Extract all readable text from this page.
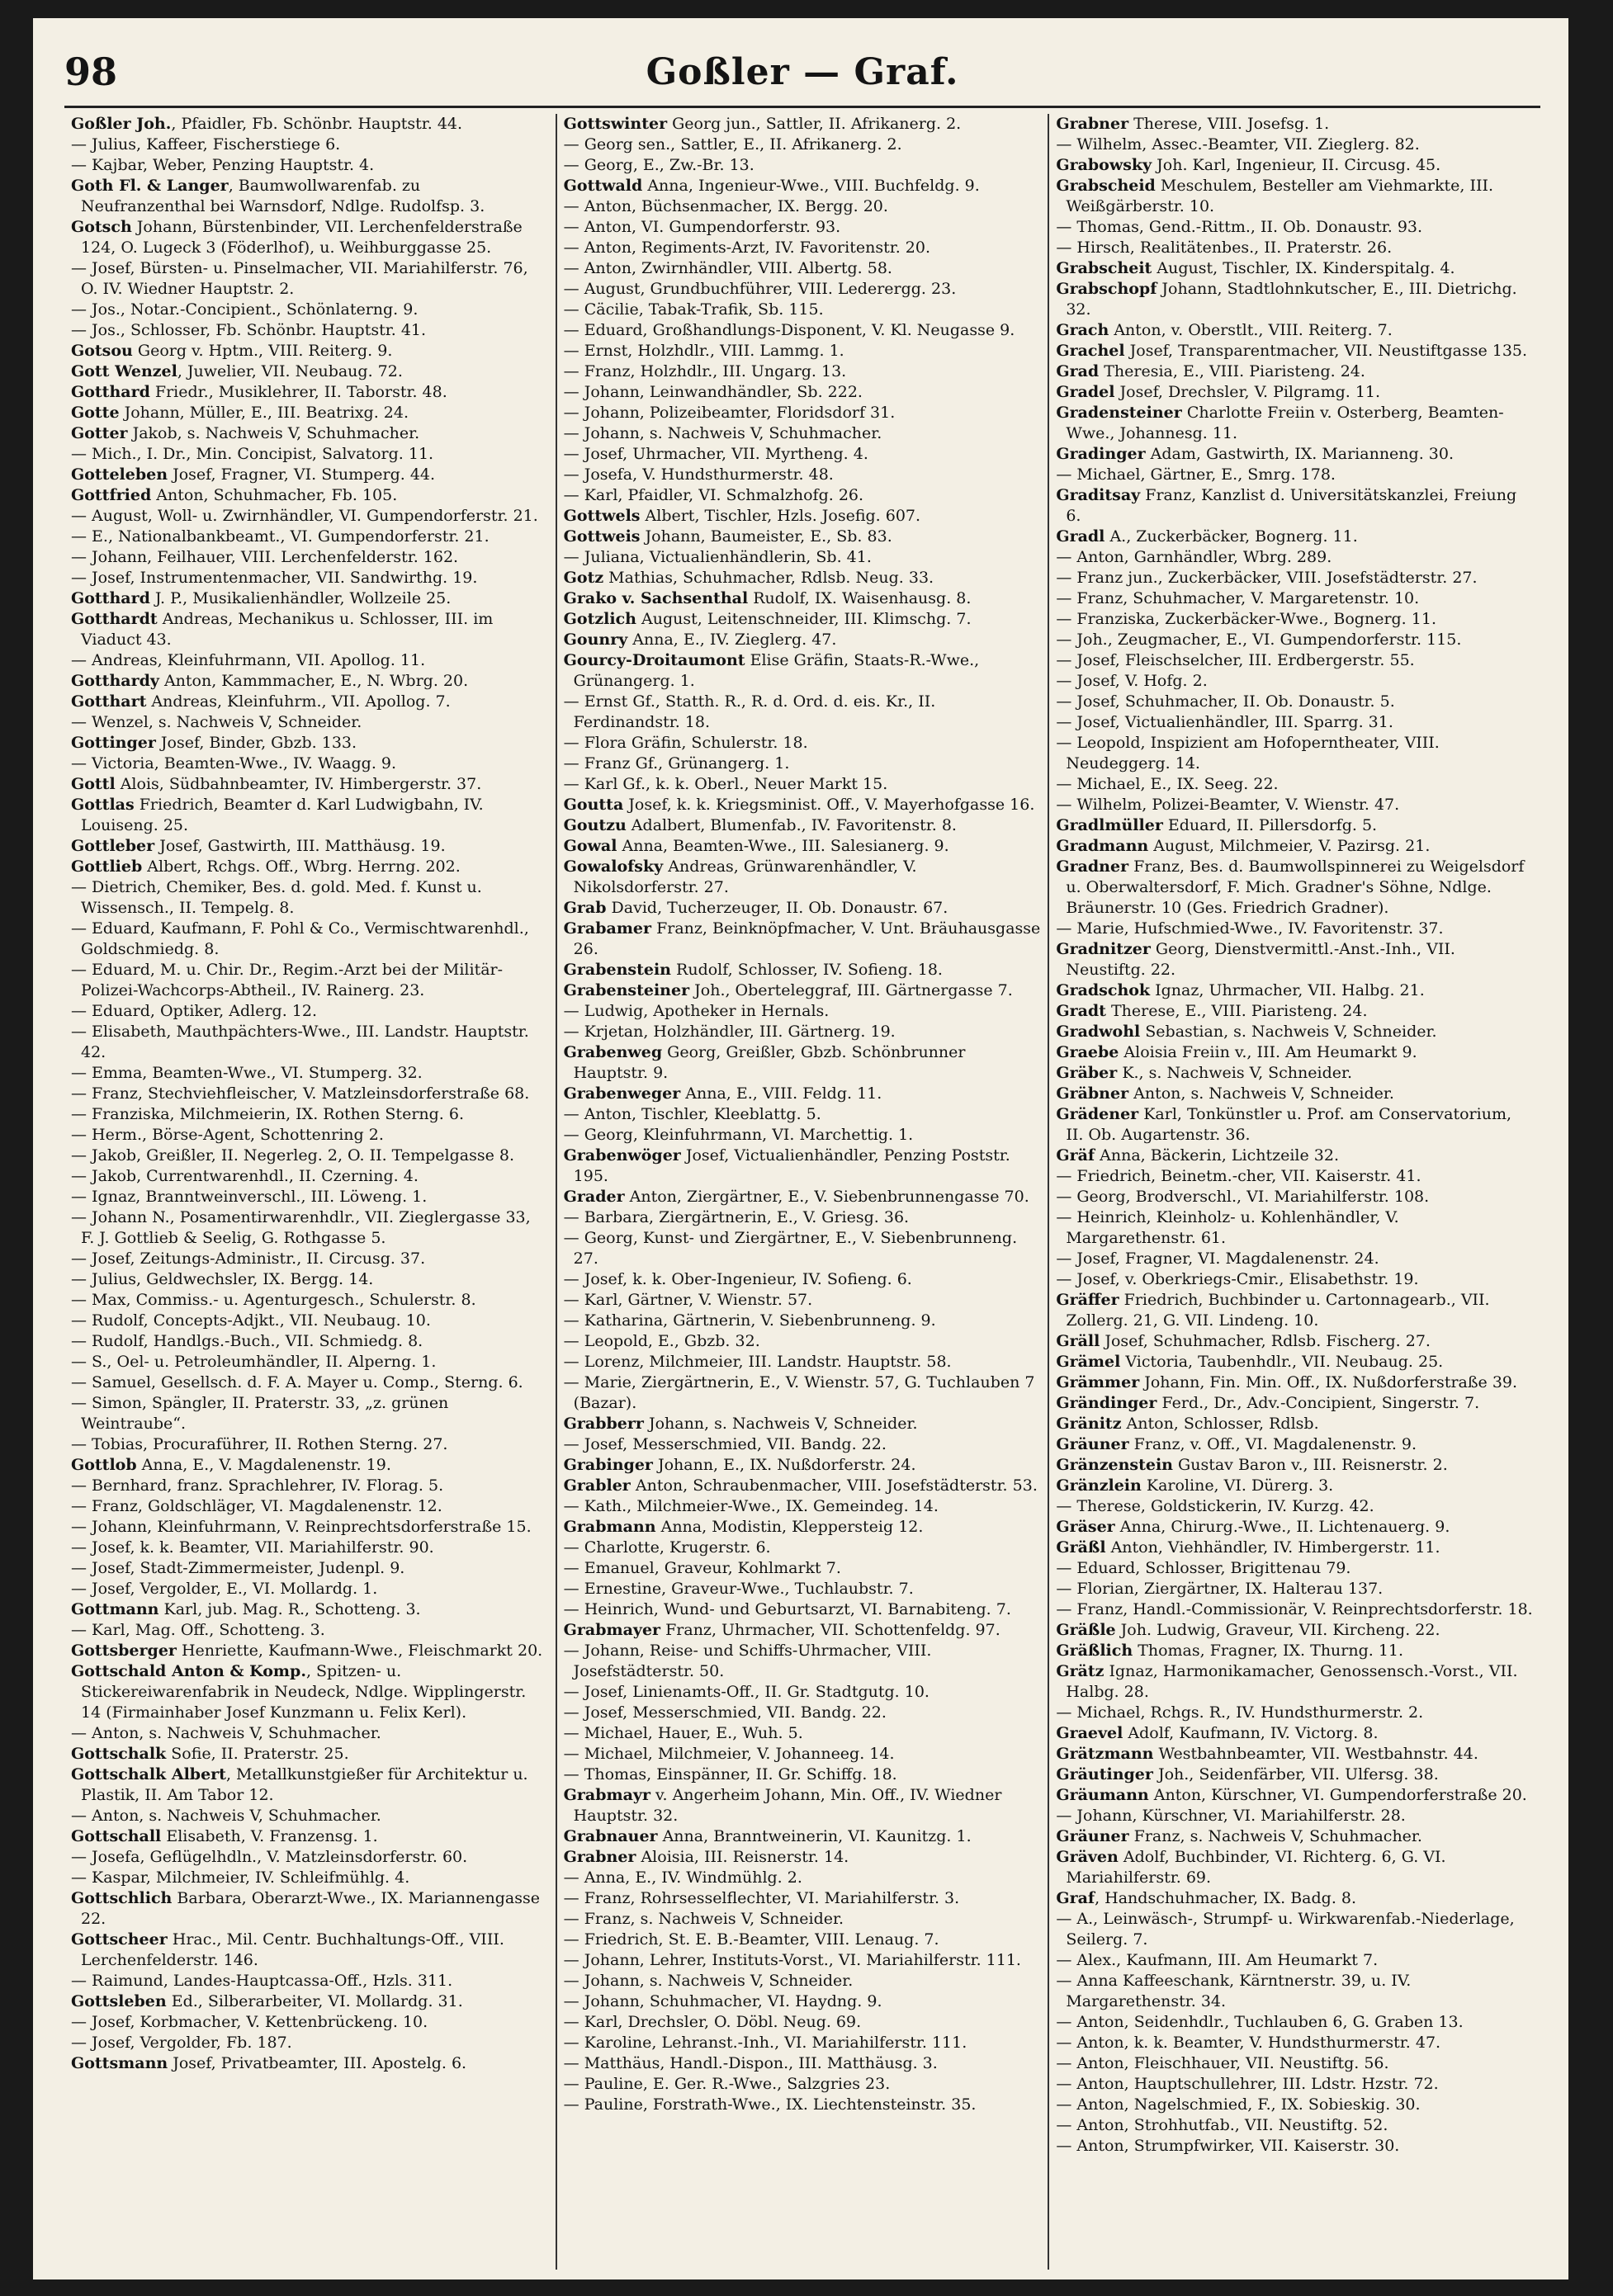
98	Goßler — Graf.
Goßler Joh., Pfaidler, Fb. Schönbr. Hauptstr. 44.
— Julius, Kaffeer, Fischerstiege 6.
— Kajbar, Weber, Penzing Hauptstr. 4.
Goth Fl. & Langer, Baumwollwarenfab. zu Neufranzenthal bei Warnsdorf, Ndlge. Rudolfsp. 3.
Gotsch Johann, Bürstenbinder, VII. Lerchenfelderstraße 124, O. Lugeck 3 (Föderlhof), u. Weihburggasse 25.
— Josef, Bürsten- u. Pinselmacher, VII. Mariahilferstr. 76, O. IV. Wiedner Hauptstr. 2.
— Jos., Notar.-Concipient., Schönlaterng. 9.
— Jos., Schlosser, Fb. Schönbr. Hauptstr. 41.
Gotsou Georg v. Hptm., VIII. Reiterg. 9.
Gott Wenzel, Juwelier, VII. Neubaug. 72.
Gotthard Friedr., Musiklehrer, II. Taborstr. 48.
Gotte Johann, Müller, E., III. Beatrixg. 24.
Gotter Jakob, s. Nachweis V, Schuhmacher.
— Mich., I. Dr., Min. Concipist, Salvatorg. 11.
Gotteleben Josef, Fragner, VI. Stumperg. 44.
Gottfried Anton, Schuhmacher, Fb. 105.
— August, Woll- u. Zwirnhändler, VI. Gumpendorferstr. 21.
— E., Nationalbankbeamt., VI. Gumpendorferstr. 21.
— Johann, Feilhauer, VIII. Lerchenfelderstr. 162.
— Josef, Instrumentenmacher, VII. Sandwirthg. 19.
Gotthard J. P., Musikalienhändler, Wollzeile 25.
Gotthardt Andreas, Mechanikus u. Schlosser, III. im Viaduct 43.
— Andreas, Kleinfuhrmann, VII. Apollog. 11.
Gotthardy Anton, Kammmacher, E., N. Wbrg. 20.
Gotthart Andreas, Kleinfuhrm., VII. Apollog. 7.
— Wenzel, s. Nachweis V, Schneider.
Gottinger Josef, Binder, Gbzb. 133.
— Victoria, Beamten-Wwe., IV. Waagg. 9.
Gottl Alois, Südbahnbeamter, IV. Himbergerstr. 37.
Gottlas Friedrich, Beamter d. Karl Ludwigbahn, IV. Louiseng. 25.
Gottleber Josef, Gastwirth, III. Matthäusg. 19.
Gottlieb Albert, Rchgs. Off., Wbrg. Herrng. 202.
— Dietrich, Chemiker, Bes. d. gold. Med. f. Kunst u. Wissensch., II. Tempelg. 8.
— Eduard, Kaufmann, F. Pohl & Co., Vermischtwarenhdl., Goldschmiedg. 8.
— Eduard, M. u. Chir. Dr., Regim.-Arzt bei der Militär-Polizei-Wachcorps-Abtheil., IV. Rainerg. 23.
— Eduard, Optiker, Adlerg. 12.
— Elisabeth, Mauthpächters-Wwe., III. Landstr. Hauptstr. 42.
— Emma, Beamten-Wwe., VI. Stumperg. 32.
— Franz, Stechviehfleischer, V. Matzleinsdorferstraße 68.
— Franziska, Milchmeierin, IX. Rothen Sterng. 6.
— Herm., Börse-Agent, Schottenring 2.
— Jakob, Greißler, II. Negerleg. 2, O. II. Tempelgasse 8.
— Jakob, Currentwarenhdl., II. Czerning. 4.
— Ignaz, Branntweinverschl., III. Löweng. 1.
— Johann N., Posamentirwarenhdlr., VII. Zieglergasse 33, F. J. Gottlieb & Seelig, G. Rothgasse 5.
— Josef, Zeitungs-Administr., II. Circusg. 37.
— Julius, Geldwechsler, IX. Bergg. 14.
— Max, Commiss.- u. Agenturgesch., Schulerstr. 8.
— Rudolf, Concepts-Adjkt., VII. Neubaug. 10.
— Rudolf, Handlgs.-Buch., VII. Schmiedg. 8.
— S., Oel- u. Petroleumhändler, II. Alperng. 1.
— Samuel, Gesellsch. d. F. A. Mayer u. Comp., Sterng. 6.
— Simon, Spängler, II. Praterstr. 33, „z. grünen Weintraube“.
— Tobias, Procuraführer, II. Rothen Sterng. 27.
Gottlob Anna, E., V. Magdalenenstr. 19.
— Bernhard, franz. Sprachlehrer, IV. Florag. 5.
— Franz, Goldschläger, VI. Magdalenenstr. 12.
— Johann, Kleinfuhrmann, V. Reinprechtsdorferstraße 15.
— Josef, k. k. Beamter, VII. Mariahilferstr. 90.
— Josef, Stadt-Zimmermeister, Judenpl. 9.
— Josef, Vergolder, E., VI. Mollardg. 1.
Gottmann Karl, jub. Mag. R., Schotteng. 3.
— Karl, Mag. Off., Schotteng. 3.
Gottsberger Henriette, Kaufmann-Wwe., Fleischmarkt 20.
Gottschald Anton & Komp., Spitzen- u. Stickereiwarenfabrik in Neudeck, Ndlge. Wipplingerstr. 14 (Firmainhaber Josef Kunzmann u. Felix Kerl).
— Anton, s. Nachweis V, Schuhmacher.
Gottschalk Sofie, II. Praterstr. 25.
Gottschalk Albert, Metallkunstgießer für Architektur u. Plastik, II. Am Tabor 12.
— Anton, s. Nachweis V, Schuhmacher.
Gottschall Elisabeth, V. Franzensg. 1.
— Josefa, Geflügelhdln., V. Matzleinsdorferstr. 60.
— Kaspar, Milchmeier, IV. Schleifmühlg. 4.
Gottschlich Barbara, Oberarzt-Wwe., IX. Mariannengasse 22.
Gottscheer Hrac., Mil. Centr. Buchhaltungs-Off., VIII. Lerchenfelderstr. 146.
— Raimund, Landes-Hauptcassa-Off., Hzls. 311.
Gottsleben Ed., Silberarbeiter, VI. Mollardg. 31.
— Josef, Korbmacher, V. Kettenbrückeng. 10.
— Josef, Vergolder, Fb. 187.
Gottsmann Josef, Privatbeamter, III. Apostelg. 6.
Gottswinter Georg jun., Sattler, II. Afrikanerg. 2.
— Georg sen., Sattler, E., II. Afrikanerg. 2.
— Georg, E., Zw.-Br. 13.
Gottwald Anna, Ingenieur-Wwe., VIII. Buchfeldg. 9.
— Anton, Büchsenmacher, IX. Bergg. 20.
— Anton, VI. Gumpendorferstr. 93.
— Anton, Regiments-Arzt, IV. Favoritenstr. 20.
— Anton, Zwirnhändler, VIII. Albertg. 58.
— August, Grundbuchführer, VIII. Lederergg. 23.
— Cäcilie, Tabak-Trafik, Sb. 115.
— Eduard, Großhandlungs-Disponent, V. Kl. Neugasse 9.
— Ernst, Holzhdlr., VIII. Lammg. 1.
— Franz, Holzhdlr., III. Ungarg. 13.
— Johann, Leinwandhändler, Sb. 222.
— Johann, Polizeibeamter, Floridsdorf 31.
— Johann, s. Nachweis V, Schuhmacher.
— Josef, Uhrmacher, VII. Myrtheng. 4.
— Josefa, V. Hundsthurmerstr. 48.
— Karl, Pfaidler, VI. Schmalzhofg. 26.
Gottwels Albert, Tischler, Hzls. Josefig. 607.
Gottweis Johann, Baumeister, E., Sb. 83.
— Juliana, Victualienhändlerin, Sb. 41.
Gotz Mathias, Schuhmacher, Rdlsb. Neug. 33.
Grako v. Sachsenthal Rudolf, IX. Waisenhausg. 8.
Gotzlich August, Leitenschneider, III. Klimschg. 7.
Gounry Anna, E., IV. Zieglerg. 47.
Gourcy-Droitaumont Elise Gräfin, Staats-R.-Wwe., Grünangerg. 1.
— Ernst Gf., Statth. R., R. d. Ord. d. eis. Kr., II. Ferdinandstr. 18.
— Flora Gräfin, Schulerstr. 18.
— Franz Gf., Grünangerg. 1.
— Karl Gf., k. k. Oberl., Neuer Markt 15.
Goutta Josef, k. k. Kriegsminist. Off., V. Mayerhofgasse 16.
Goutzu Adalbert, Blumenfab., IV. Favoritenstr. 8.
Gowal Anna, Beamten-Wwe., III. Salesianerg. 9.
Gowalofsky Andreas, Grünwarenhändler, V. Nikolsdorferstr. 27.
Grab David, Tucherzeuger, II. Ob. Donaustr. 67.
Grabamer Franz, Beinknöpfmacher, V. Unt. Bräuhausgasse 26.
Grabenstein Rudolf, Schlosser, IV. Sofieng. 18.
Grabensteiner Joh., Oberteleggraf, III. Gärtnergasse 7.
— Ludwig, Apotheker in Hernals.
— Krjetan, Holzhändler, III. Gärtnerg. 19.
Grabenweg Georg, Greißler, Gbzb. Schönbrunner Hauptstr. 9.
Grabenweger Anna, E., VIII. Feldg. 11.
— Anton, Tischler, Kleeblattg. 5.
— Georg, Kleinfuhrmann, VI. Marchettig. 1.
Grabenwöger Josef, Victualienhändler, Penzing Poststr. 195.
Grader Anton, Ziergärtner, E., V. Siebenbrunnengasse 70.
— Barbara, Ziergärtnerin, E., V. Griesg. 36.
— Georg, Kunst- und Ziergärtner, E., V. Siebenbrunneng. 27.
— Josef, k. k. Ober-Ingenieur, IV. Sofieng. 6.
— Karl, Gärtner, V. Wienstr. 57.
— Katharina, Gärtnerin, V. Siebenbrunneng. 9.
— Leopold, E., Gbzb. 32.
— Lorenz, Milchmeier, III. Landstr. Hauptstr. 58.
— Marie, Ziergärtnerin, E., V. Wienstr. 57, G. Tuchlauben 7 (Bazar).
Grabberr Johann, s. Nachweis V, Schneider.
— Josef, Messerschmied, VII. Bandg. 22.
Grabinger Johann, E., IX. Nußdorferstr. 24.
Grabler Anton, Schraubenmacher, VIII. Josefstädterstr. 53.
— Kath., Milchmeier-Wwe., IX. Gemeindeg. 14.
Grabmann Anna, Modistin, Kleppersteig 12.
— Charlotte, Krugerstr. 6.
— Emanuel, Graveur, Kohlmarkt 7.
— Ernestine, Graveur-Wwe., Tuchlaubstr. 7.
— Heinrich, Wund- und Geburtsarzt, VI. Barnabiteng. 7.
Grabmayer Franz, Uhrmacher, VII. Schottenfeldg. 97.
— Johann, Reise- und Schiffs-Uhrmacher, VIII. Josefstädterstr. 50.
— Josef, Linienamts-Off., II. Gr. Stadtgutg. 10.
— Josef, Messerschmied, VII. Bandg. 22.
— Michael, Hauer, E., Wuh. 5.
— Michael, Milchmeier, V. Johanneeg. 14.
— Thomas, Einspänner, II. Gr. Schiffg. 18.
Grabmayr v. Angerheim Johann, Min. Off., IV. Wiedner Hauptstr. 32.
Grabnauer Anna, Branntweinerin, VI. Kaunitzg. 1.
Grabner Aloisia, III. Reisnerstr. 14.
— Anna, E., IV. Windmühlg. 2.
— Franz, Rohrsesselflechter, VI. Mariahilferstr. 3.
— Franz, s. Nachweis V, Schneider.
— Friedrich, St. E. B.-Beamter, VIII. Lenaug. 7.
— Johann, Lehrer, Instituts-Vorst., VI. Mariahilferstr. 111.
— Johann, s. Nachweis V, Schneider.
— Johann, Schuhmacher, VI. Haydng. 9.
— Karl, Drechsler, O. Döbl. Neug. 69.
— Karoline, Lehranst.-Inh., VI. Mariahilferstr. 111.
— Matthäus, Handl.-Dispon., III. Matthäusg. 3.
— Pauline, E. Ger. R.-Wwe., Salzgries 23.
— Pauline, Forstrath-Wwe., IX. Liechtensteinstr. 35.
Grabner Therese, VIII. Josefsg. 1.
— Wilhelm, Assec.-Beamter, VII. Zieglerg. 82.
Grabowsky Joh. Karl, Ingenieur, II. Circusg. 45.
Grabscheid Meschulem, Besteller am Viehmarkte, III. Weißgärberstr. 10.
— Thomas, Gend.-Rittm., II. Ob. Donaustr. 93.
— Hirsch, Realitätenbes., II. Praterstr. 26.
Grabscheit August, Tischler, IX. Kinderspitalg. 4.
Grabschopf Johann, Stadtlohnkutscher, E., III. Dietrichg. 32.
Grach Anton, v. Oberstlt., VIII. Reiterg. 7.
Grachel Josef, Transparentmacher, VII. Neustiftgasse 135.
Grad Theresia, E., VIII. Piaristeng. 24.
Gradel Josef, Drechsler, V. Pilgramg. 11.
Gradensteiner Charlotte Freiin v. Osterberg, Beamten-Wwe., Johannesg. 11.
Gradinger Adam, Gastwirth, IX. Marianneng. 30.
— Michael, Gärtner, E., Smrg. 178.
Graditsay Franz, Kanzlist d. Universitätskanzlei, Freiung 6.
Gradl A., Zuckerbäcker, Bognerg. 11.
— Anton, Garnhändler, Wbrg. 289.
— Franz jun., Zuckerbäcker, VIII. Josefstädterstr. 27.
— Franz, Schuhmacher, V. Margaretenstr. 10.
— Franziska, Zuckerbäcker-Wwe., Bognerg. 11.
— Joh., Zeugmacher, E., VI. Gumpendorferstr. 115.
— Josef, Fleischselcher, III. Erdbergerstr. 55.
— Josef, V. Hofg. 2.
— Josef, Schuhmacher, II. Ob. Donaustr. 5.
— Josef, Victualienhändler, III. Sparrg. 31.
— Leopold, Inspizient am Hofoperntheater, VIII. Neudeggerg. 14.
— Michael, E., IX. Seeg. 22.
— Wilhelm, Polizei-Beamter, V. Wienstr. 47.
Gradlmüller Eduard, II. Pillersdorfg. 5.
Gradmann August, Milchmeier, V. Pazirsg. 21.
Gradner Franz, Bes. d. Baumwollspinnerei zu Weigelsdorf u. Oberwaltersdorf, F. Mich. Gradner's Söhne, Ndlge. Bräunerstr. 10 (Ges. Friedrich Gradner).
— Marie, Hufschmied-Wwe., IV. Favoritenstr. 37.
Gradnitzer Georg, Dienstvermittl.-Anst.-Inh., VII. Neustiftg. 22.
Gradschok Ignaz, Uhrmacher, VII. Halbg. 21.
Gradt Therese, E., VIII. Piaristeng. 24.
Gradwohl Sebastian, s. Nachweis V, Schneider.
Graebe Aloisia Freiin v., III. Am Heumarkt 9.
Gräber K., s. Nachweis V, Schneider.
Gräbner Anton, s. Nachweis V, Schneider.
Grädener Karl, Tonkünstler u. Prof. am Conservatorium, II. Ob. Augartenstr. 36.
Gräf Anna, Bäckerin, Lichtzeile 32.
— Friedrich, Beinetm.-cher, VII. Kaiserstr. 41.
— Georg, Brodverschl., VI. Mariahilferstr. 108.
— Heinrich, Kleinholz- u. Kohlenhändler, V. Margarethenstr. 61.
— Josef, Fragner, VI. Magdalenenstr. 24.
— Josef, v. Oberkriegs-Cmir., Elisabethstr. 19.
Gräffer Friedrich, Buchbinder u. Cartonnagearb., VII. Zollerg. 21, G. VII. Lindeng. 10.
Gräll Josef, Schuhmacher, Rdlsb. Fischerg. 27.
Grämel Victoria, Taubenhdlr., VII. Neubaug. 25.
Grämmer Johann, Fin. Min. Off., IX. Nußdorferstraße 39.
Grändinger Ferd., Dr., Adv.-Concipient, Singerstr. 7.
Gränitz Anton, Schlosser, Rdlsb.
Gräuner Franz, v. Off., VI. Magdalenenstr. 9.
Gränzenstein Gustav Baron v., III. Reisnerstr. 2.
Gränzlein Karoline, VI. Dürerg. 3.
— Therese, Goldstickerin, IV. Kurzg. 42.
Gräser Anna, Chirurg.-Wwe., II. Lichtenauerg. 9.
Gräßl Anton, Viehhändler, IV. Himbergerstr. 11.
— Eduard, Schlosser, Brigittenau 79.
— Florian, Ziergärtner, IX. Halterau 137.
— Franz, Handl.-Commissionär, V. Reinprechtsdorferstr. 18.
Gräßle Joh. Ludwig, Graveur, VII. Kircheng. 22.
Gräßlich Thomas, Fragner, IX. Thurng. 11.
Grätz Ignaz, Harmonikamacher, Genossensch.-Vorst., VII. Halbg. 28.
— Michael, Rchgs. R., IV. Hundsthurmerstr. 2.
Graevel Adolf, Kaufmann, IV. Victorg. 8.
Grätzmann Westbahnbeamter, VII. Westbahnstr. 44.
Gräutinger Joh., Seidenfärber, VII. Ulfersg. 38.
Gräumann Anton, Kürschner, VI. Gumpendorferstraße 20.
— Johann, Kürschner, VI. Mariahilferstr. 28.
Gräuner Franz, s. Nachweis V, Schuhmacher.
Gräven Adolf, Buchbinder, VI. Richterg. 6, G. VI. Mariahilferstr. 69.
Graf, Handschuhmacher, IX. Badg. 8.
— A., Leinwäsch-, Strumpf- u. Wirkwarenfab.-Niederlage, Seilerg. 7.
— Alex., Kaufmann, III. Am Heumarkt 7.
— Anna Kaffeeschank, Kärntnerstr. 39, u. IV. Margarethenstr. 34.
— Anton, Seidenhdlr., Tuchlauben 6, G. Graben 13.
— Anton, k. k. Beamter, V. Hundsthurmerstr. 47.
— Anton, Fleischhauer, VII. Neustiftg. 56.
— Anton, Hauptschullehrer, III. Ldstr. Hzstr. 72.
— Anton, Nagelschmied, F., IX. Sobieskig. 30.
— Anton, Strohhutfab., VII. Neustiftg. 52.
— Anton, Strumpfwirker, VII. Kaiserstr. 30.
